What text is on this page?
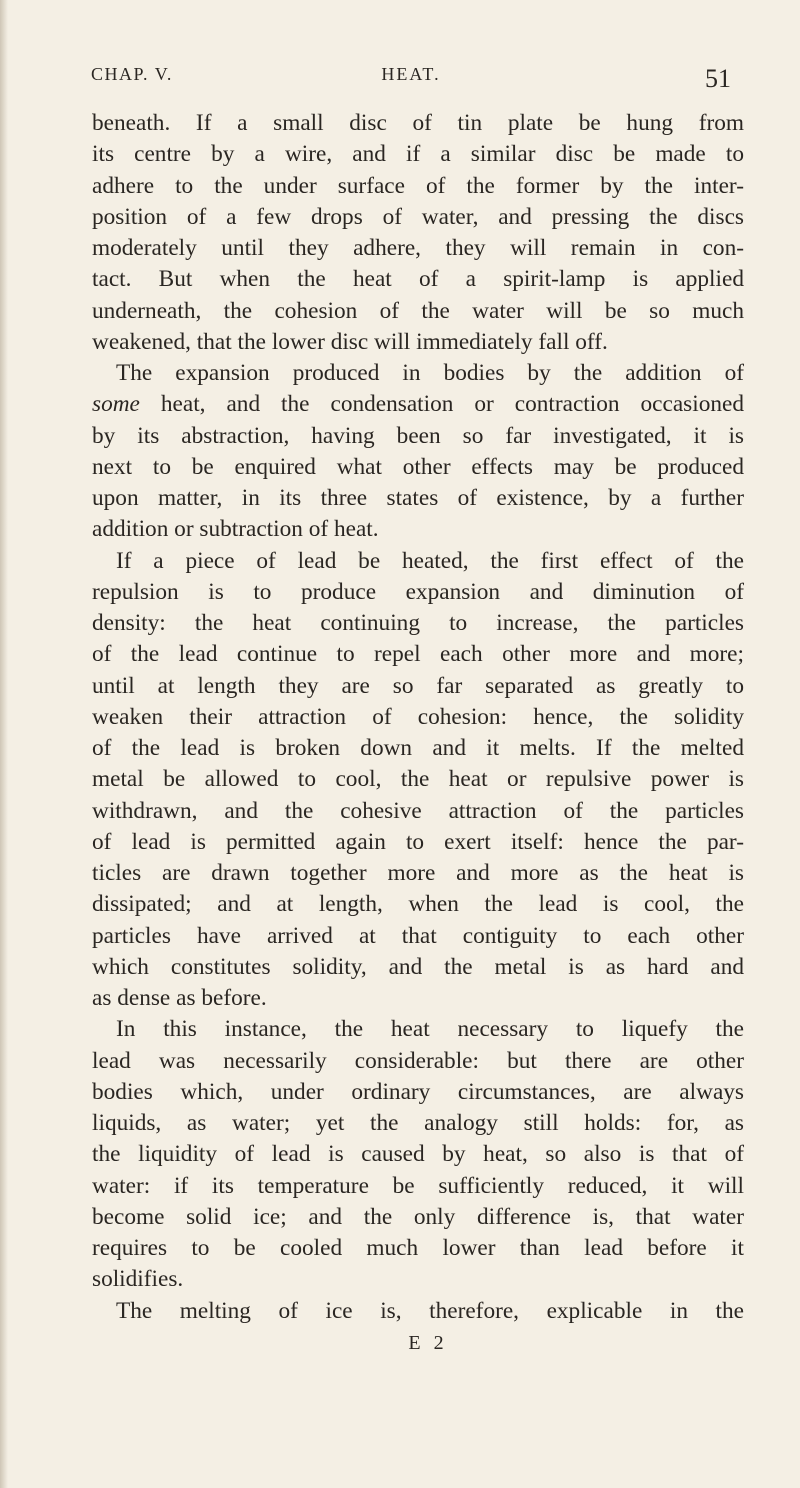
CHAP. V.	HEAT.	51
beneath. If a small disc of tin plate be hung from
its centre by a wire, and if a similar disc be made to
adhere to the under surface of the former by the inter-
position of a few drops of water, and pressing the discs
moderately until they adhere, they will remain in con-
tact. But when the heat of a spirit-lamp is applied
underneath, the cohesion of the water will be so much
weakened, that the lower disc will immediately fall off.
The expansion produced in bodies by the addition of
some heat, and the condensation or contraction occasioned
by its abstraction, having been so far investigated, it is
next to be enquired what other effects may be produced
upon matter, in its three states of existence, by a further
addition or subtraction of heat.
If a piece of lead be heated, the first effect of the
repulsion is to produce expansion and diminution of
density: the heat continuing to increase, the particles
of the lead continue to repel each other more and more;
until at length they are so far separated as greatly to
weaken their attraction of cohesion: hence, the solidity
of the lead is broken down and it melts. If the melted
metal be allowed to cool, the heat or repulsive power is
withdrawn, and the cohesive attraction of the particles
of lead is permitted again to exert itself: hence the par-
ticles are drawn together more and more as the heat is
dissipated; and at length, when the lead is cool, the
particles have arrived at that contiguity to each other
which constitutes solidity, and the metal is as hard and
as dense as before.
In this instance, the heat necessary to liquefy the
lead was necessarily considerable: but there are other
bodies which, under ordinary circumstances, are always
liquids, as water; yet the analogy still holds: for, as
the liquidity of lead is caused by heat, so also is that of
water: if its temperature be sufficiently reduced, it will
become solid ice; and the only difference is, that water
requires to be cooled much lower than lead before it
solidifies.
The melting of ice is, therefore, explicable in the
E 2
